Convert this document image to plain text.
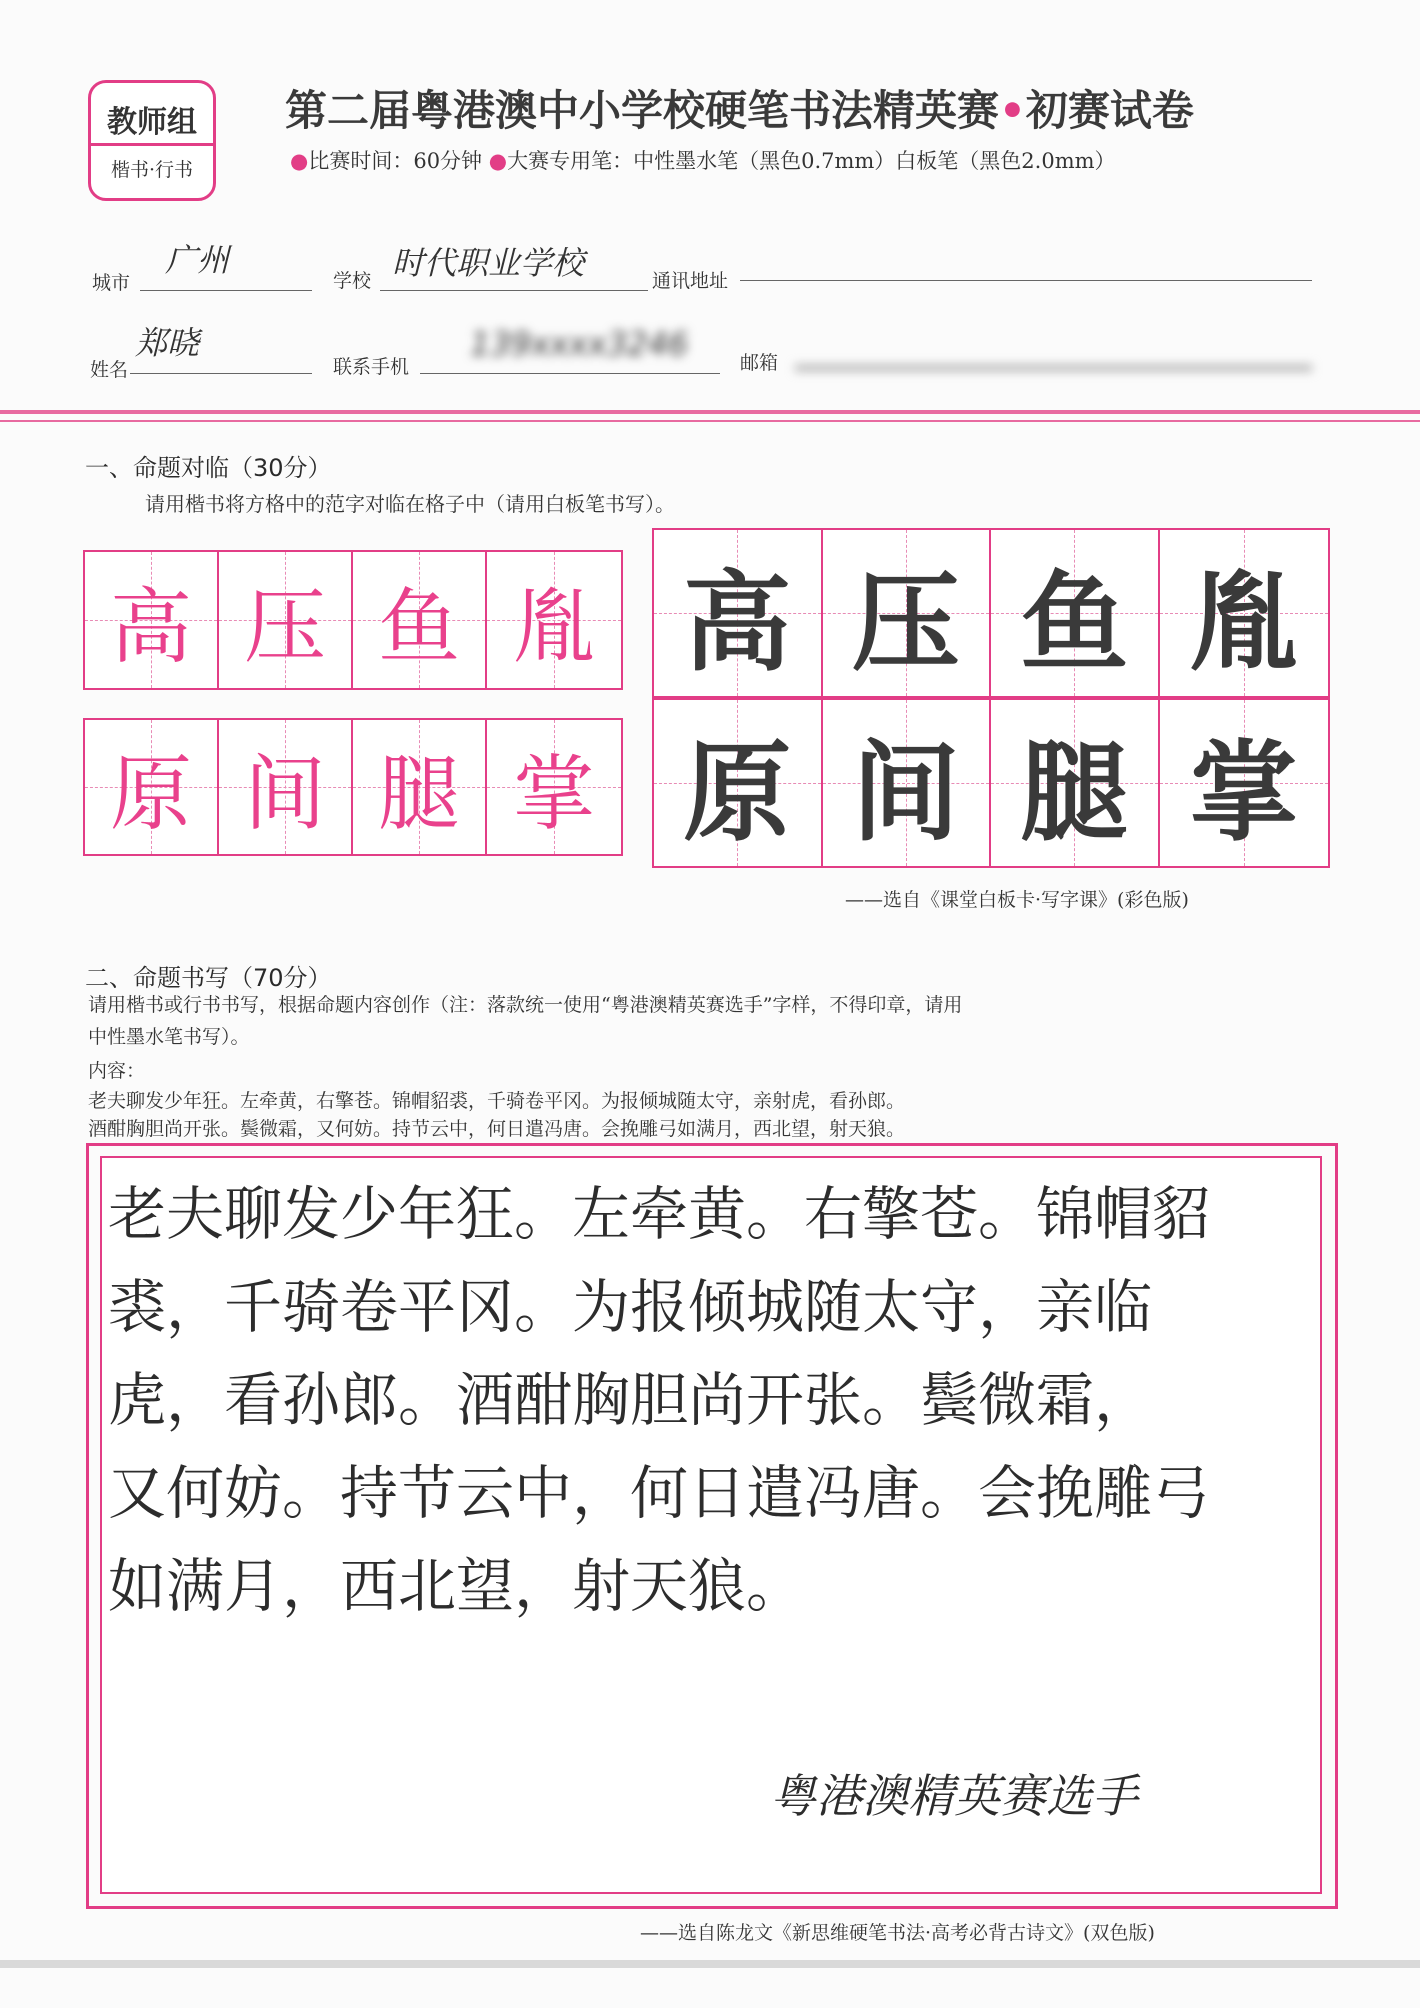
教师组
楷书·行书
第二届粤港澳中小学校硬笔书法精英赛•初赛试卷
●比赛时间：60分钟 ●大赛专用笔：中性墨水笔（黑色0.7mm）白板笔（黑色2.0mm）
城市
广州
学校 时代职业学校	通讯地址
姓名
郑晓
联系手机
139xxxx3246	邮箱
一、命题对临（30分）
请用楷书将方格中的范字对临在格子中（请用白板笔书写）。
高 压 鱼 胤
原 间 腿 掌
高 压 鱼 胤
原 间 腿 掌
——选自《课堂白板卡·写字课》(彩色版)
二、命题书写（70分）
请用楷书或行书书写，根据命题内容创作（注：落款统一使用“粤港澳精英赛选手”字样，不得印章，请用
中性墨水笔书写）。
内容：
老夫聊发少年狂。左牵黄，右擎苍。锦帽貂裘，千骑卷平冈。为报倾城随太守，亲射虎，看孙郎。
酒酣胸胆尚开张。鬓微霜，又何妨。持节云中，何日遣冯唐。会挽雕弓如满月，西北望，射天狼。
老夫聊发少年狂。左牵黄。右擎苍。锦帽貂
裘，千骑卷平冈。为报倾城随太守，亲临
虎，看孙郎。酒酣胸胆尚开张。鬓微霜，
又何妨。持节云中，何日遣冯唐。会挽雕弓
如满月，西北望，射天狼。
粤港澳精英赛选手
——选自陈龙文《新思维硬笔书法·高考必背古诗文》(双色版)
